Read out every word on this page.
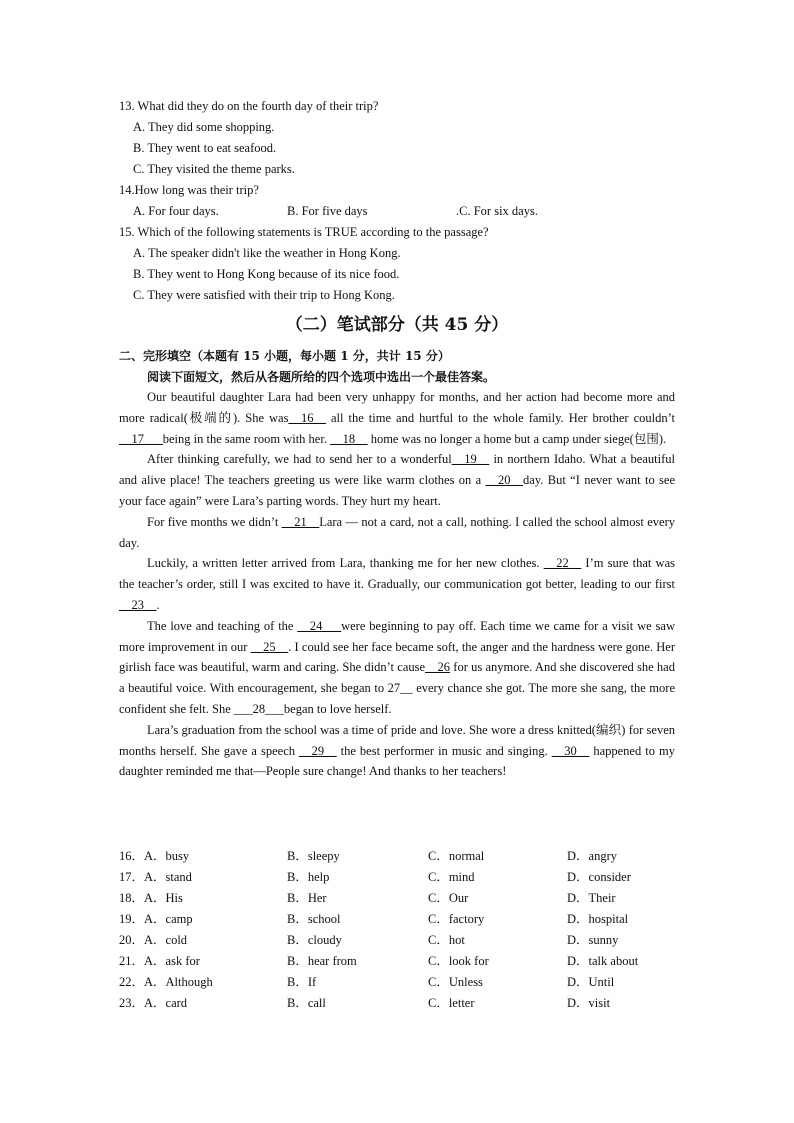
13. What did they do on the fourth day of their trip?
A. They did some shopping.
B. They went to eat seafood.
C. They visited the theme parks.
14.How long was their trip?
A. For four days.	B. For five days	.C. For six days.
15. Which of the following statements is TRUE according to the passage?
A. The speaker didn't like the weather in Hong Kong.
B. They went to Hong Kong because of its nice food.
C. They were satisfied with their trip to Hong Kong.
（二）笔试部分（共 45 分）
二、完形填空（本题有 15 小题，每小题 1 分，共计 15 分）
阅读下面短文，然后从各题所给的四个选项中选出一个最佳答案。

Our beautiful daughter Lara had been very unhappy for months, and her action had become more and more radical(极端的). She was__16__ all the time and hurtful to the whole family. Her brother couldn’t __17___being in the same room with her. __18__ home was no longer a home but a camp under siege(包围).

After thinking carefully, we had to send her to a wonderful__19__ in northern Idaho. What a beautiful and alive place! The teachers greeting us were like warm clothes on a __20__day. But “I never want to see your face again” were Lara’s parting words. They hurt my heart.

For five months we didn’t __21__Lara — not a card, not a call, nothing. I called the school almost every day.

Luckily, a written letter arrived from Lara, thanking me for her new clothes. __22__ I’m sure that was the teacher’s order, still I was excited to have it. Gradually, our communication got better, leading to our first __23__.

The love and teaching of the __24___were beginning to pay off. Each time we came for a visit we saw more improvement in our __25__. I could see her face became soft, the anger and the hardness were gone. Her girlish face was beautiful, warm and caring. She didn’t cause__26 for us anymore. And she discovered she had a beautiful voice. With encouragement, she began to 27__ every chance she got. The more she sang, the more confident she felt. She ___28___began to love herself.

Lara’s graduation from the school was a time of pride and love. She wore a dress knitted(编织) for seven months herself. She gave a speech __29__ the best performer in music and singing. __30__ happened to my daughter reminded me that—People sure change! And thanks to her teachers!

16．A．busy	B．sleepy	C．normal	D．angry
17．A．stand	B．help	C．mind	D．consider
18．A．His	B．Her	C．Our	D．Their
19．A．camp	B．school	C．factory	D．hospital
20．A．cold	B．cloudy	C．hot	D．sunny
21．A．ask for	B．hear from	C．look for	D．talk about
22．A．Although	B．If	C．Unless	D．Until
23．A．card	B．call	C．letter	D．visit
